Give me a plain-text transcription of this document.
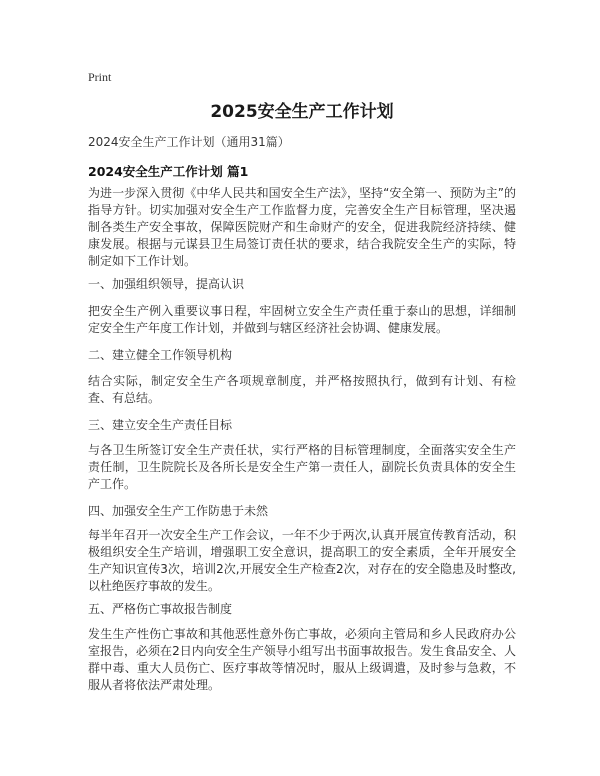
Print
2025安全生产工作计划
2024安全生产工作计划（通用31篇）
2024安全生产工作计划 篇1

为进一步深入贯彻《中华人民共和国安全生产法》，坚持“安全第一、预防为主”的指导方针。切实加强对安全生产工作监督力度，完善安全生产目标管理，坚决遏制各类生产安全事故，保障医院财产和生命财产的安全，促进我院经济持续、健康发展。根据与元谋县卫生局签订责任状的要求，结合我院安全生产的实际，特制定如下工作计划。

一、加强组织领导，提高认识

把安全生产例入重要议事日程，牢固树立安全生产责任重于泰山的思想，详细制定安全生产年度工作计划，并做到与辖区经济社会协调、健康发展。

二、建立健全工作领导机构

结合实际，制定安全生产各项规章制度，并严格按照执行，做到有计划、有检查、有总结。

三、建立安全生产责任目标

与各卫生所签订安全生产责任状，实行严格的目标管理制度，全面落实安全生产责任制，卫生院院长及各所长是安全生产第一责任人，副院长负责具体的安全生产工作。

四、加强安全生产工作防患于未然

每半年召开一次安全生产工作会议，一年不少于两次,认真开展宣传教育活动，积极组织安全生产培训，增强职工安全意识，提高职工的安全素质，全年开展安全生产知识宣传3次，培训2次,开展安全生产检查2次，对存在的安全隐患及时整改,以杜绝医疗事故的发生。

五、严格伤亡事故报告制度

发生生产性伤亡事故和其他恶性意外伤亡事故，必须向主管局和乡人民政府办公室报告，必须在2日内向安全生产领导小组写出书面事故报告。发生食品安全、人群中毒、重大人员伤亡、医疗事故等情况时，服从上级调遣，及时参与急救，不服从者将依法严肃处理。
